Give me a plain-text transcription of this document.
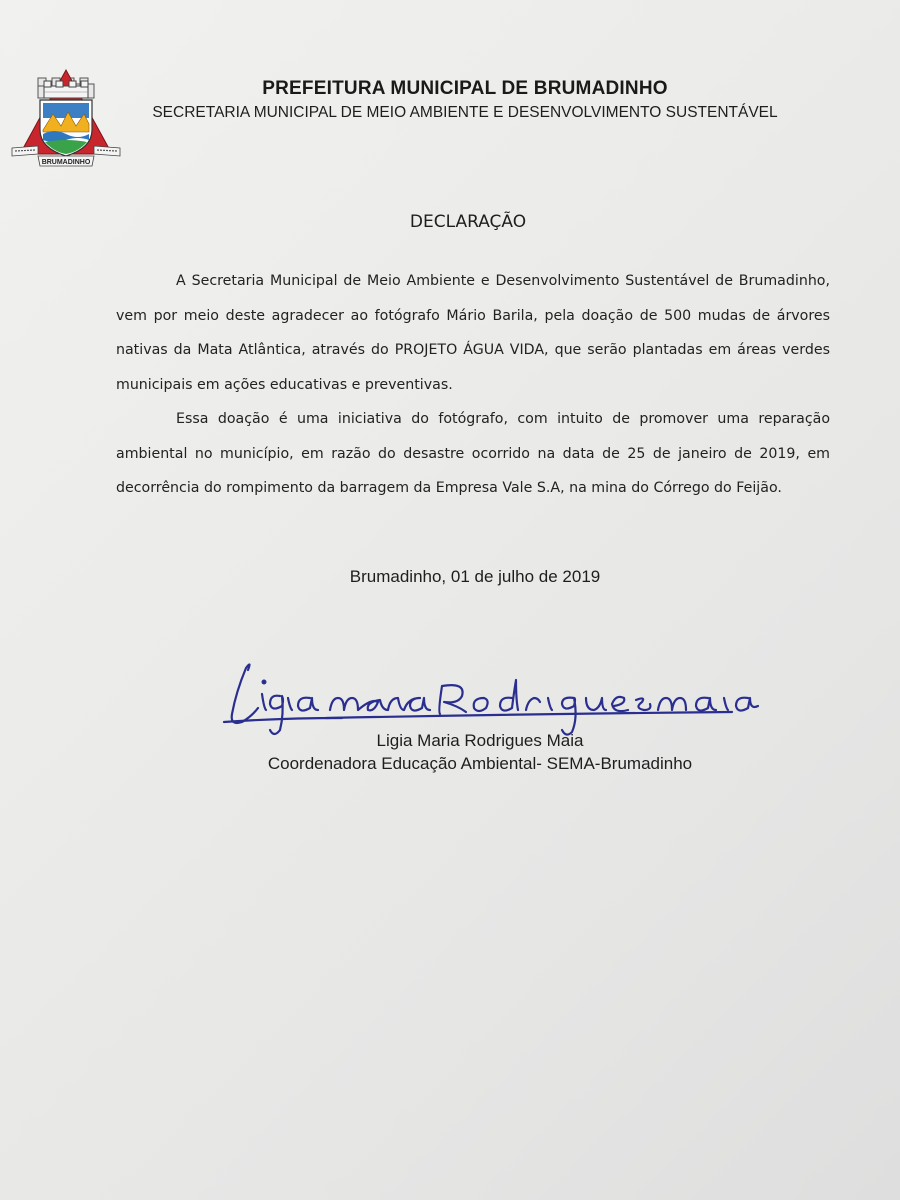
BRUMADINHO
PREFEITURA MUNICIPAL DE BRUMADINHO
SECRETARIA MUNICIPAL DE MEIO AMBIENTE E DESENVOLVIMENTO SUSTENTÁVEL
DECLARAÇÃO

A Secretaria Municipal de Meio Ambiente e Desenvolvimento Sustentável de Brumadinho, vem por meio deste agradecer ao fotógrafo Mário Barila, pela doação de 500 mudas de árvores nativas da Mata Atlântica, através do PROJETO ÁGUA VIDA, que serão plantadas em áreas verdes municipais em ações educativas e preventivas.

Essa doação é uma iniciativa do fotógrafo, com intuito de promover uma reparação ambiental no município, em razão do desastre ocorrido na data de 25 de janeiro de 2019, em decorrência do rompimento da barragem da Empresa Vale S.A, na mina do Córrego do Feijão.

Brumadinho, 01 de julho de 2019
Ligia Maria Rodrigues Maia
Coordenadora Educação Ambiental- SEMA-Brumadinho
